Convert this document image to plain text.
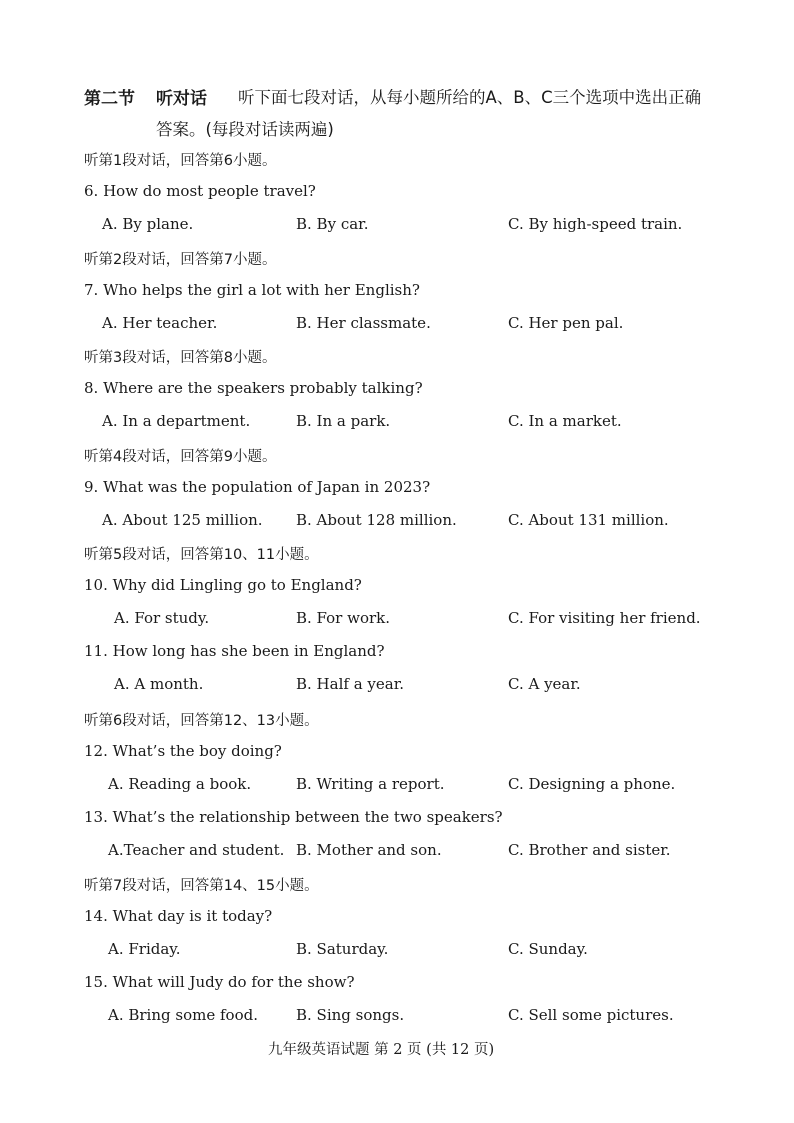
第二节 听对话 听下面七段对话，从每小题所给的A、B、C三个选项中选出正确
答案。(每段对话读两遍)
听第1段对话，回答第6小题。
6. How do most people travel?
A. By plane.	B. By car.	C. By high-speed train.
听第2段对话，回答第7小题。
7. Who helps the girl a lot with her English?
A. Her teacher.	B. Her classmate.	C. Her pen pal.
听第3段对话，回答第8小题。
8. Where are the speakers probably talking?
A. In a department.	B. In a park.	C. In a market.
听第4段对话，回答第9小题。
9. What was the population of Japan in 2023?
A. About 125 million. B. About 128 million.	C. About 131 million.
听第5段对话，回答第10、11小题。
10. Why did Lingling go to England?
A. For study.	B. For work.	C. For visiting her friend.
11. How long has she been in England?
A. A month.	B. Half a year.	C. A year.
听第6段对话，回答第12、13小题。
12. What’s the boy doing?
A. Reading a book.	B. Writing a report.	C. Designing a phone.
13. What’s the relationship between the two speakers?
A.Teacher and student. B. Mother and son.	C. Brother and sister.
听第7段对话，回答第14、15小题。
14. What day is it today?
A. Friday.	B. Saturday.	C. Sunday.
15. What will Judy do for the show?
A. Bring some food.	B. Sing songs.	C. Sell some pictures.
九年级英语试题 第 2 页 (共 12 页)
